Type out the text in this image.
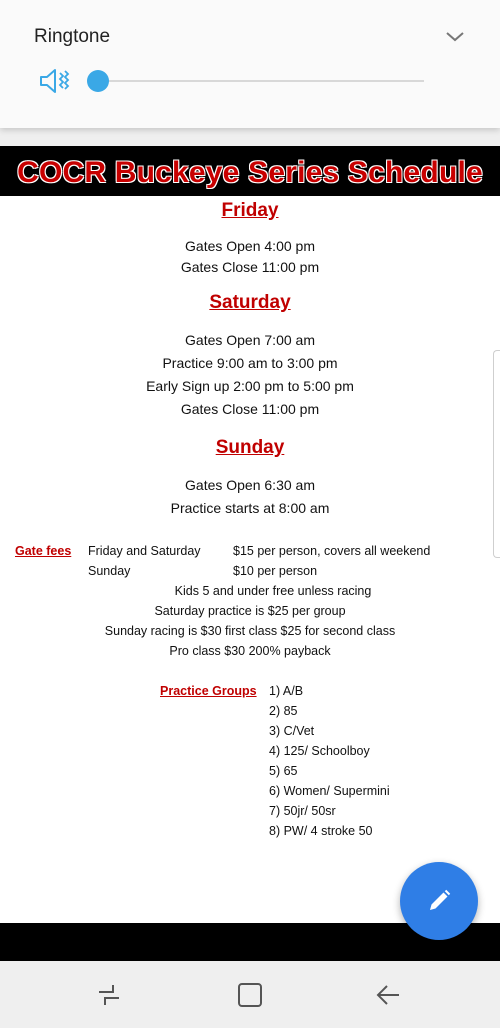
Ringtone
COCR Buckeye Series Schedule
Friday
Gates Open 4:00 pm
Gates Close 11:00 pm
Saturday
Gates Open 7:00 am
Practice 9:00 am to 3:00 pm
Early Sign up 2:00 pm to 5:00 pm
Gates Close 11:00 pm
Sunday
Gates Open 6:30 am
Practice starts at 8:00 am
Gate fees Friday and Saturday	$15 per person, covers all weekend
Sunday	$10 per person
Kids 5 and under free unless racing
Saturday practice is $25 per group
Sunday racing is $30 first class $25 for second class
Pro class $30 200% payback
Practice Groups 1) A/B
2) 85
3) C/Vet
4) 125/ Schoolboy
5) 65
6) Women/ Supermini
7) 50jr/ 50sr
8) PW/ 4 stroke 50
